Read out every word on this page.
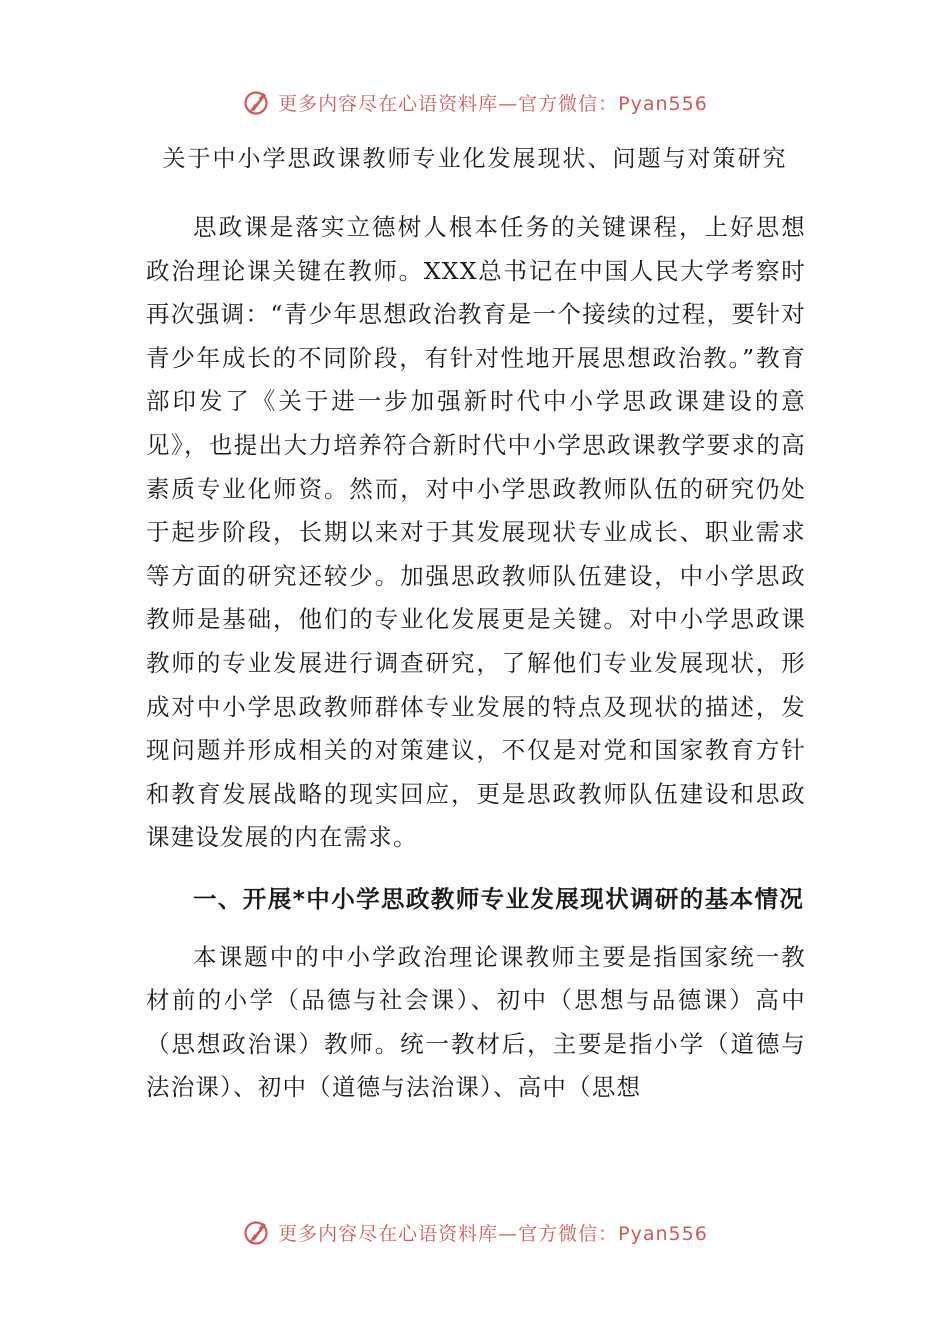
更多内容尽在心语资料库—官方微信：Pyan556
关于中小学思政课教师专业化发展现状、问题与对策研究

思政课是落实立德树人根本任务的关键课程，上好思想政治理论课关键在教师。XXX总书记在中国人民大学考察时再次强调：“青少年思想政治教育是一个接续的过程，要针对青少年成长的不同阶段，有针对性地开展思想政治教。”教育部印发了《关于进一步加强新时代中小学思政课建设的意见》，也提出大力培养符合新时代中小学思政课教学要求的高素质专业化师资。然而，对中小学思政教师队伍的研究仍处于起步阶段，长期以来对于其发展现状专业成长、职业需求等方面的研究还较少。加强思政教师队伍建设，中小学思政教师是基础，他们的专业化发展更是关键。对中小学思政课教师的专业发展进行调查研究，了解他们专业发展现状，形成对中小学思政教师群体专业发展的特点及现状的描述，发现问题并形成相关的对策建议，不仅是对党和国家教育方针和教育发展战略的现实回应，更是思政教师队伍建设和思政课建设发展的内在需求。

一、开展*中小学思政教师专业发展现状调研的基本情况

本课题中的中小学政治理论课教师主要是指国家统一教材前的小学（品德与社会课）、初中（思想与品德课）高中（思想政治课）教师。统一教材后，主要是指小学（道德与法治课）、初中（道德与法治课）、高中（思想

更多内容尽在心语资料库—官方微信：Pyan556
